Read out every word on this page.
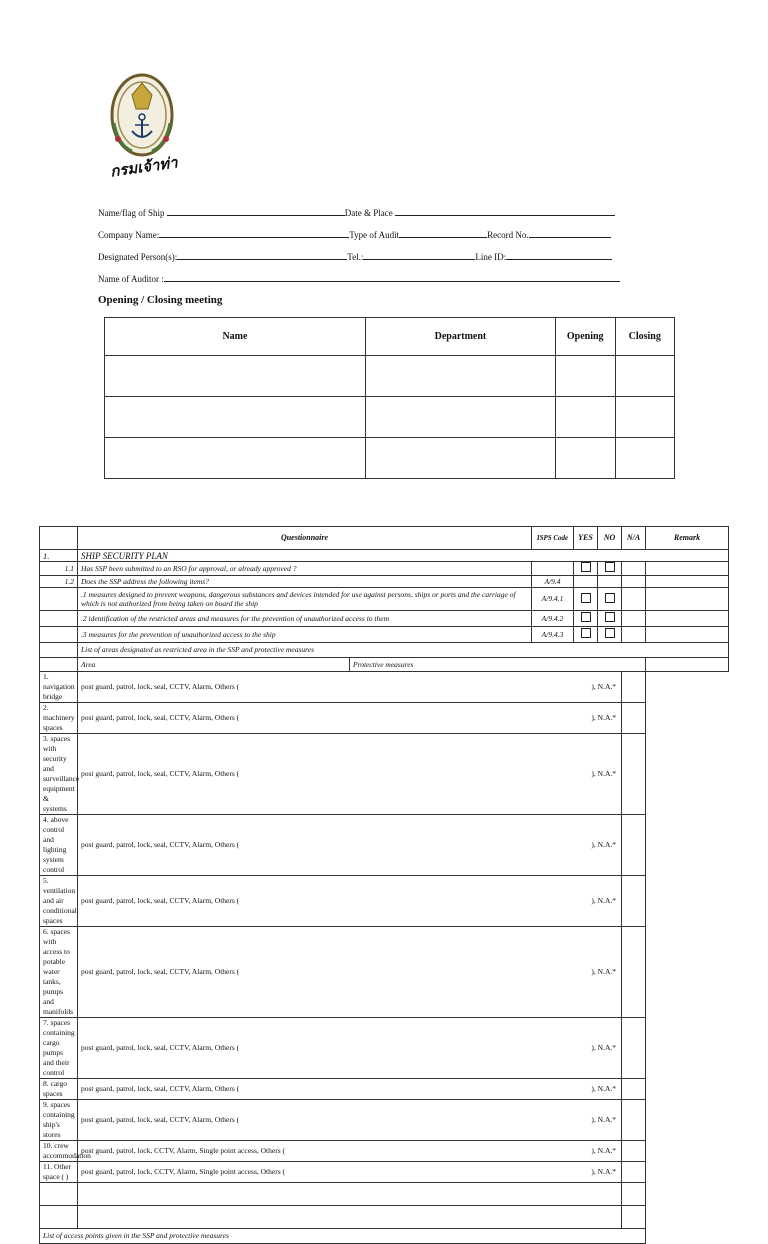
กรมเจ้าท่า
Name/flag of Ship	Date & Place
Company Name:	Type of Audit	Record No.
Designated Person(s):	Tel.:	Line ID:
Name of Auditor :
Opening / Closing meeting
Name	Department	Opening	Closing

	Questionnaire		ISPS Code	YES	NO	N/A	Remark
1.	SHIP SECURITY PLAN						
1.1	Has SSP been submitted to an RSO for approval, or already approved ?						
1.2	Does the SSP address the following items?		A/9.4				
	.1 measures designed to prevent weapons, dangerous substances and devices intended for use against persons, ships or ports and the carriage of which is not authorized from being taken on board the ship		A/9.4.1				
	.2 identification of the restricted areas and measures for the prevention of unauthorized access to them		A/9.4.2				
	.3 measures for the prevention of unauthorized access to the ship		A/9.4.3				
	List of areas designated as restricted area in the SSP and protective measures						
	Area	Protective measures					
1. navigation bridge	post guard, patrol, lock, seal, CCTV, Alarm, Others ( ), N.A.*						

2. machinery spaces	post guard, patrol, lock, seal, CCTV, Alarm, Others ( ), N.A.*						

3. spaces with security and surveillance equipment & systems	post guard, patrol, lock, seal, CCTV, Alarm, Others ( ), N.A.*						

4. above control and lighting system control	post guard, patrol, lock, seal, CCTV, Alarm, Others ( ), N.A.*						

5. ventilation and air conditional spaces	post guard, patrol, lock, seal, CCTV, Alarm, Others ( ), N.A.*						

6. spaces with access to potable water tanks, pumps and manifolds	post guard, patrol, lock, seal, CCTV, Alarm, Others ( ), N.A.*						

7. spaces containing cargo pumps and their control	post guard, patrol, lock, seal, CCTV, Alarm, Others ( ), N.A.*						

8. cargo spaces	post guard, patrol, lock, seal, CCTV, Alarm, Others ( ), N.A.*						

9. spaces containing ship's stores	post guard, patrol, lock, seal, CCTV, Alarm, Others ( ), N.A.*						

10. crew accommodation	post guard, patrol, lock, CCTV, Alarm, Single point access, Others ( ), N.A.*						

11. Other space ( )	post guard, patrol, lock, CCTV, Alarm, Single point access, Others ( ), N.A.*						

List of access points given in the SSP and protective measures							
